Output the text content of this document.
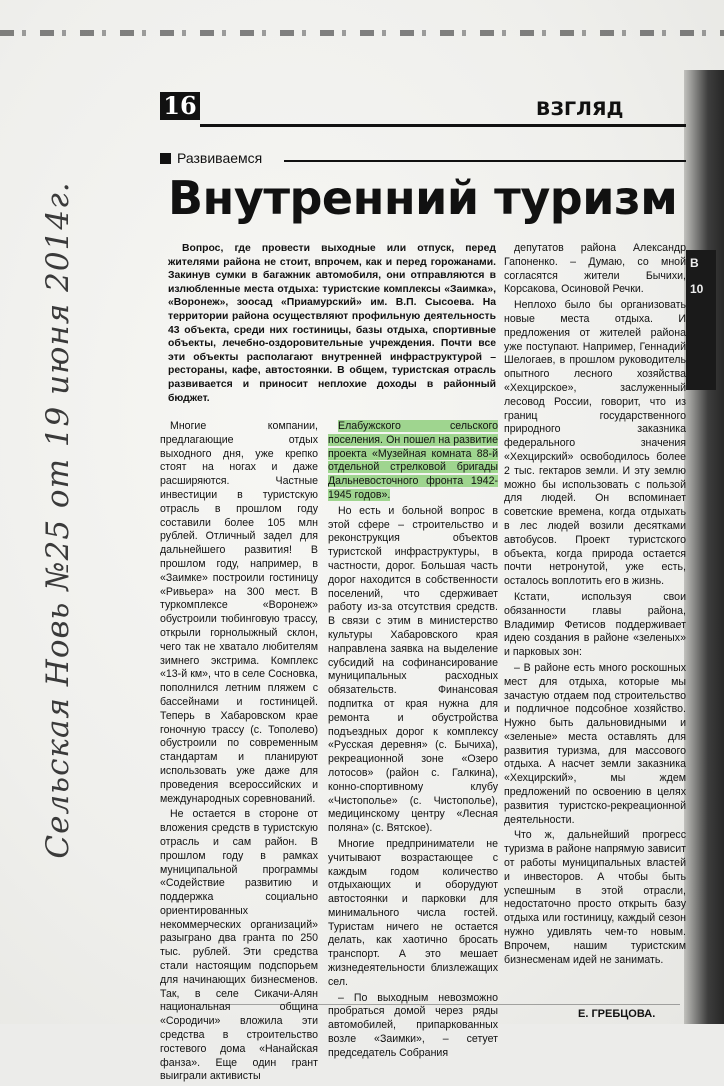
Сельская Новь №25 от 19 июня 2014г.
16	ВЗГЛЯД
Развиваемся
Внутренний туризм

Вопрос, где провести выходные или отпуск, перед жителями района не стоит, впрочем, как и перед горожанами. Закинув сумки в багажник автомобиля, они отправляются в излюбленные места отдыха: туристские комплексы «Заимка», «Воронеж», зоосад «Приамурский» им. В.П. Сысоева. На территории района осуществляют профильную деятельность 43 объекта, среди них гостиницы, базы отдыха, спортивные объекты, лечебно-оздоровительные учреждения. Почти все эти объекты располагают внутренней инфраструктурой – рестораны, кафе, автостоянки. В общем, туристская отрасль развивается и приносит неплохие доходы в районный бюджет.

Многие компании, предлагающие отдых выходного дня, уже крепко стоят на ногах и даже расширяются. Частные инвестиции в туристскую отрасль в прошлом году составили более 105 млн рублей. Отличный задел для дальнейшего развития! В прошлом году, например, в «Заимке» построили гостиницу «Ривьера» на 300 мест. В туркомплексе «Воронеж» обустроили тюбинговую трассу, открыли горнолыжный склон, чего так не хватало любителям зимнего экстрима. Комплекс «13-й км», что в селе Сосновка, пополнился летним пляжем с бассейнами и гостиницей. Теперь в Хабаровском крае гоночную трассу (с. Тополево) обустроили по современным стандартам и планируют использовать уже даже для проведения всероссийских и международных соревнований.

Не остается в стороне от вложения средств в туристскую отрасль и сам район. В прошлом году в рамках муниципальной программы «Содействие развитию и поддержка социально ориентированных некоммерческих организаций» разыграно два гранта по 250 тыс. рублей. Эти средства стали настоящим подспорьем для начинающих бизнесменов. Так, в селе Сикачи-Алян национальная община «Сородичи» вложила эти средства в строительство гостевого дома «Нанайская фанза». Еще один грант выиграли активисты

Елабужского сельского поселения. Он пошел на развитие проекта «Музейная комната 88-й отдельной стрелковой бригады Дальневосточного фронта 1942-1945 годов».

Но есть и больной вопрос в этой сфере – строительство и реконструкция объектов туристской инфраструктуры, в частности, дорог. Большая часть дорог находится в собственности поселений, что сдерживает работу из-за отсутствия средств. В связи с этим в министерство культуры Хабаровского края направлена заявка на выделение субсидий на софинансирование муниципальных расходных обязательств. Финансовая подпитка от края нужна для ремонта и обустройства подъездных дорог к комплексу «Русская деревня» (с. Бычиха), рекреационной зоне «Озеро лотосов» (район с. Галкина), конно-спортивному клубу «Чистополье» (с. Чистополье), медицинскому центру «Лесная поляна» (с. Вятское).

Многие предприниматели не учитывают возрастающее с каждым годом количество отдыхающих и оборудуют автостоянки и парковки для минимального числа гостей. Туристам ничего не остается делать, как хаотично бросать транспорт. А это мешает жизнедеятельности близлежащих сел.

– По выходным невозможно пробраться домой через ряды автомобилей, припаркованных возле «Заимки», – сетует председатель Собрания

депутатов района Александр Гапоненко. – Думаю, со мной согласятся жители Бычихи, Корсакова, Осиновой Речки.

Неплохо было бы организовать новые места отдыха. И предложения от жителей района уже поступают. Например, Геннадий Шелогаев, в прошлом руководитель опытного лесного хозяйства «Хехцирское», заслуженный лесовод России, говорит, что из границ государственного природного заказника федерального значения «Хехцирский» освободилось более 2 тыс. гектаров земли. И эту землю можно бы использовать с пользой для людей. Он вспоминает советские времена, когда отдыхать в лес людей возили десятками автобусов. Проект туристского объекта, когда природа остается почти нетронутой, уже есть, осталось воплотить его в жизнь.

Кстати, используя свои обязанности главы района, Владимир Фетисов поддерживает идею создания в районе «зеленых» и парковых зон:

– В районе есть много роскошных мест для отдыха, которые мы зачастую отдаем под строительство и подличное подсобное хозяйство. Нужно быть дальновидными и «зеленые» места оставлять для развития туризма, для массового отдыха. А насчет земли заказника «Хехцирский», мы ждем предложений по освоению в целях развития туристско-рекреационной деятельности.

Что ж, дальнейший прогресс туризма в районе напрямую зависит от работы муниципальных властей и инвесторов. А чтобы быть успешным в этой отрасли, недостаточно просто открыть базу отдыха или гостиницу, каждый сезон нужно удивлять чем-то новым. Впрочем, нашим туристским бизнесменам идей не занимать.

В
10
Е. ГРЕБЦОВА.
